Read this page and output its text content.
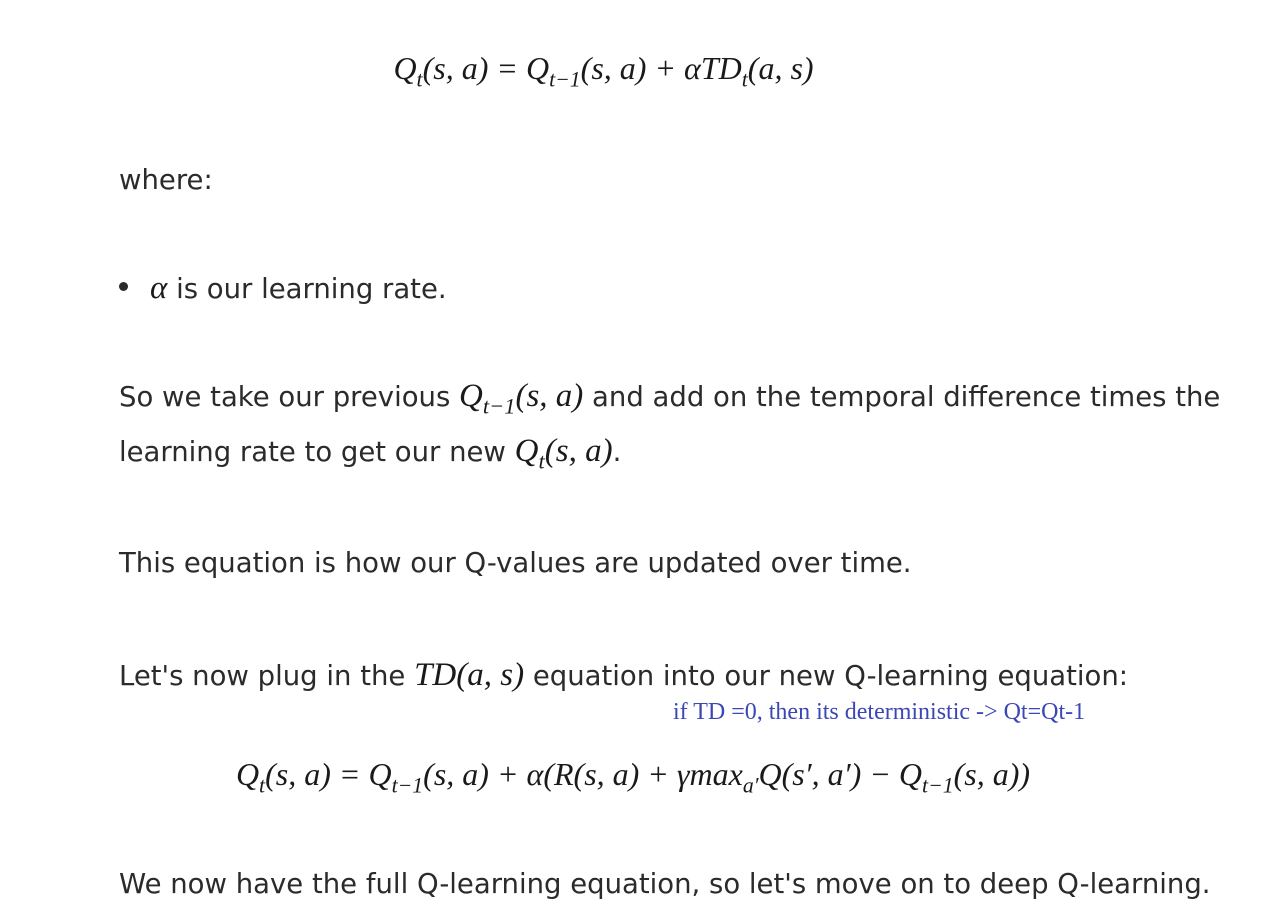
$Q_t(s$, $a) = Q_{t-1}(s$, a) + αTD$_t$(a, s)
where:
α is our learning rate.
So we take our previous $Q_{t-1}(s$, a) and add on the temporal difference times the
learning rate to get our new $Q_t(s$, a).
This equation is how our Q-values are updated over time.
Let's now plug in the TD(a, s) equation into our new Q-learning equation:
if TD =0, then its deterministic -> Qt=Qt-1
$Q_t(s$, $a) = Q_{t-1}(s$, a) + α(R(s, a) + γmax$_{a'}$Q(s′, $a') - Q_{t-1}(s$, a))
We now have the full Q-learning equation, so let's move on to deep Q-learning.
